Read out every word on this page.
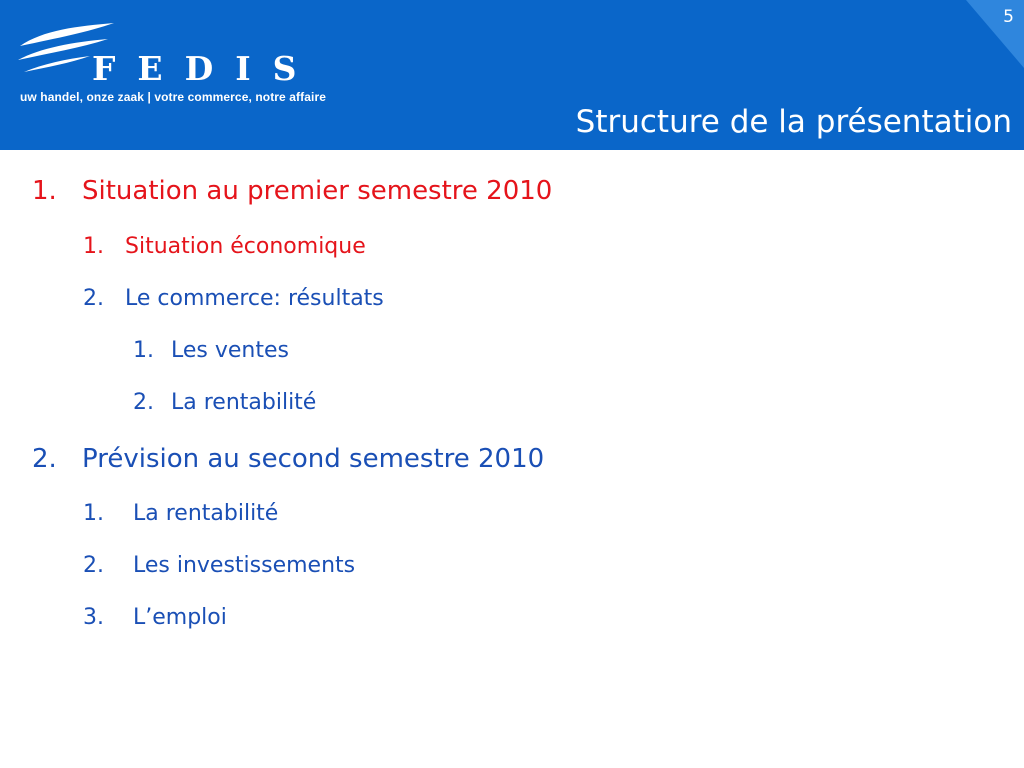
5
FEDIS
uw handel, onze zaak | votre commerce, notre affaire
Structure de la présentation
1. Situation au premier semestre 2010
1. Situation économique
2. Le commerce: résultats
1. Les ventes
2. La rentabilité
2. Prévision au second semestre 2010
1.	La rentabilité
2.	Les investissements
3.	L’emploi
